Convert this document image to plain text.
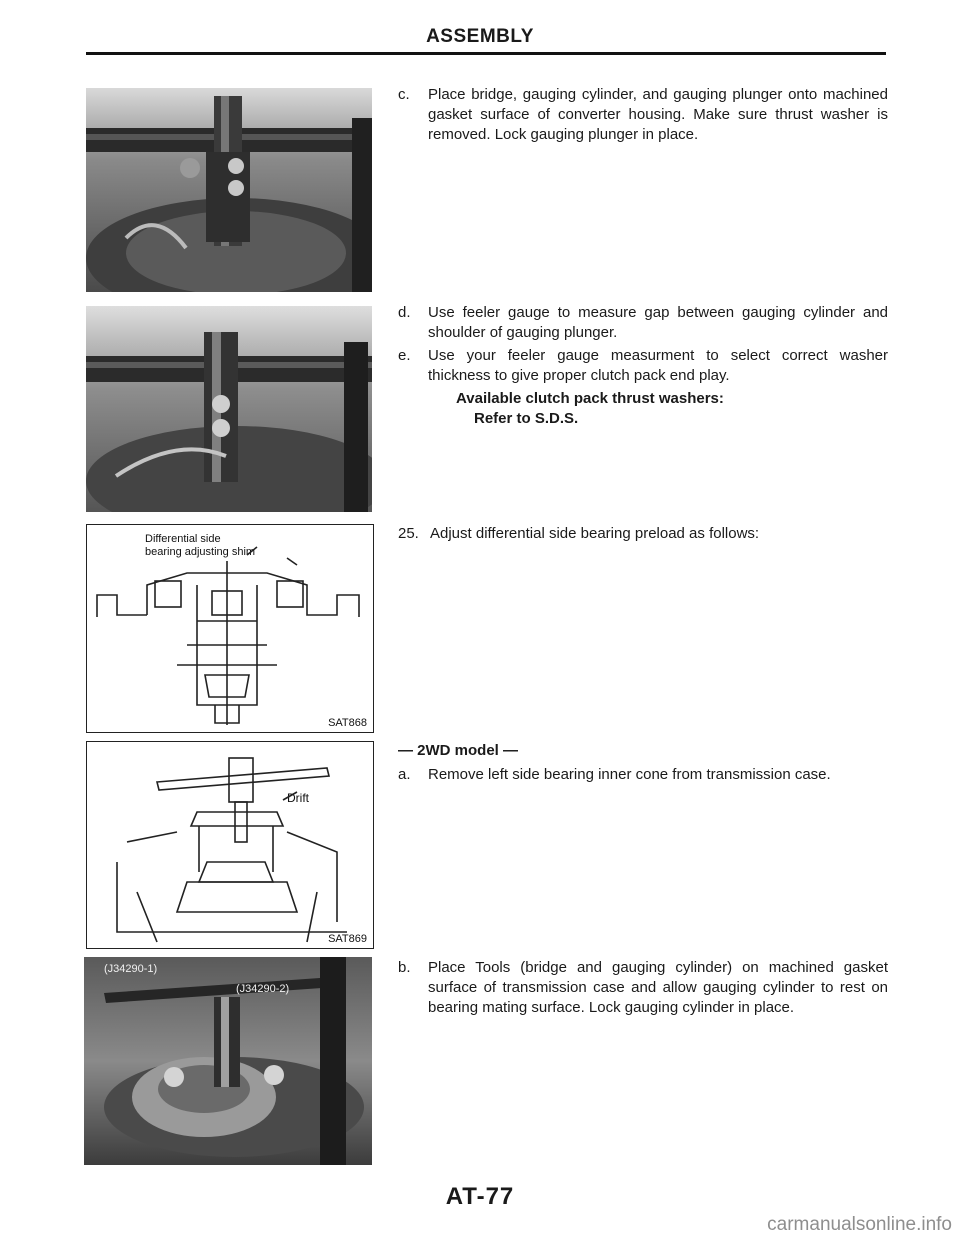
ASSEMBLY
Differential side
bearing adjusting shim
SAT868
Drift
SAT869
(J34290-1)
(J34290-2)
c. Place bridge, gauging cylinder, and gauging plunger onto machined gasket surface of converter housing. Make sure thrust washer is removed. Lock gauging plunger in place.
d. Use feeler gauge to measure gap between gauging cylinder and shoulder of gauging plunger.
e. Use your feeler gauge measurment to select correct washer thickness to give proper clutch pack end play.
Available clutch pack thrust washers:
Refer to S.D.S.
25. Adjust differential side bearing preload as follows:
— 2WD model —
a. Remove left side bearing inner cone from transmission case.
b. Place Tools (bridge and gauging cylinder) on machined gasket surface of transmission case and allow gauging cylinder to rest on bearing mating surface. Lock gauging cylinder in place.
AT-77
carmanualsonline.info
